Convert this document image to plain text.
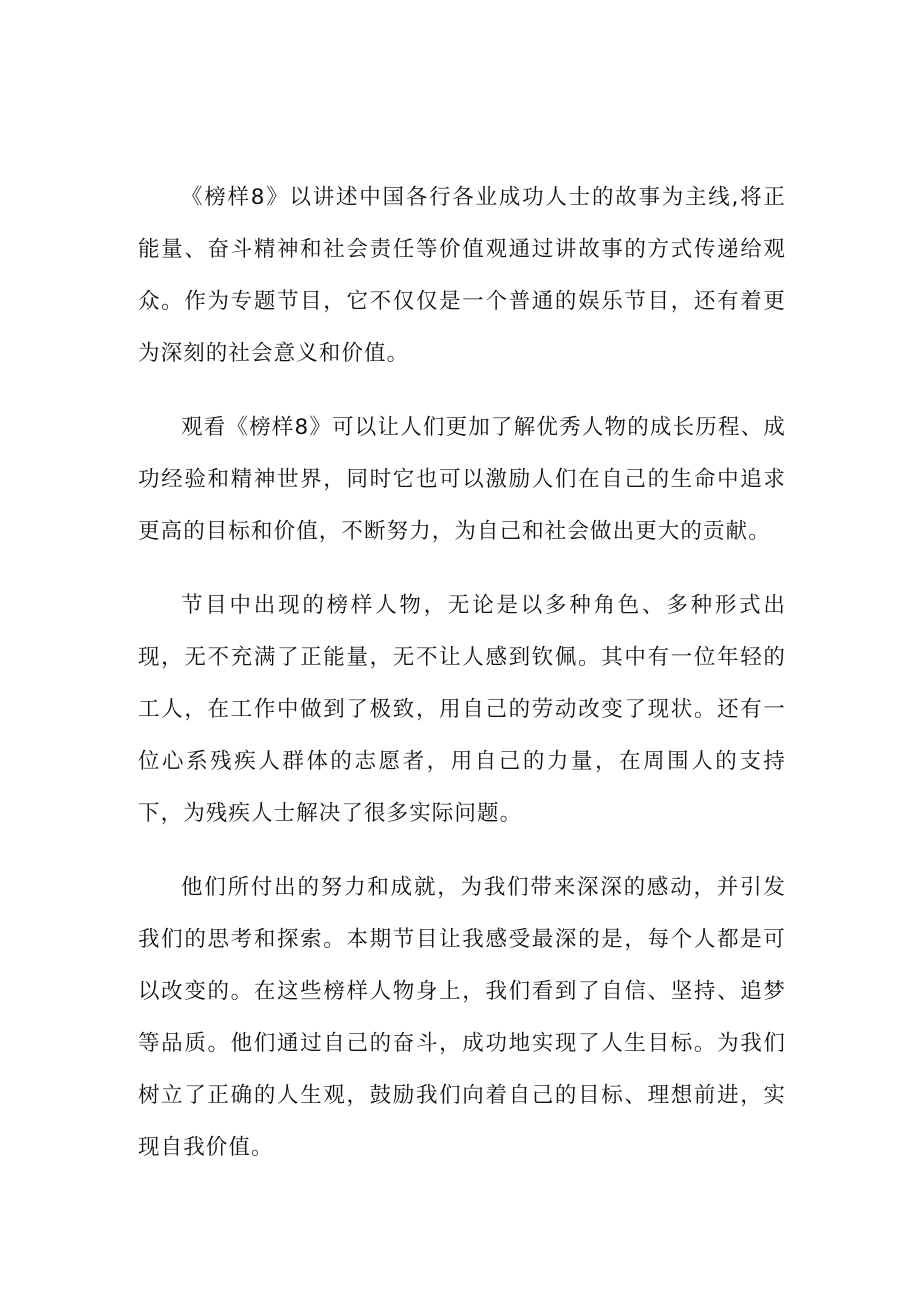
《榜样8》以讲述中国各行各业成功人士的故事为主线,将正能量、奋斗精神和社会责任等价值观通过讲故事的方式传递给观众。作为专题节目，它不仅仅是一个普通的娱乐节目，还有着更为深刻的社会意义和价值。

观看《榜样8》可以让人们更加了解优秀人物的成长历程、成功经验和精神世界，同时它也可以激励人们在自己的生命中追求更高的目标和价值，不断努力，为自己和社会做出更大的贡献。

节目中出现的榜样人物，无论是以多种角色、多种形式出现，无不充满了正能量，无不让人感到钦佩。其中有一位年轻的工人，在工作中做到了极致，用自己的劳动改变了现状。还有一位心系残疾人群体的志愿者，用自己的力量，在周围人的支持下，为残疾人士解决了很多实际问题。

他们所付出的努力和成就，为我们带来深深的感动，并引发我们的思考和探索。本期节目让我感受最深的是，每个人都是可以改变的。在这些榜样人物身上，我们看到了自信、坚持、追梦等品质。他们通过自己的奋斗，成功地实现了人生目标。为我们树立了正确的人生观，鼓励我们向着自己的目标、理想前进，实现自我价值。
